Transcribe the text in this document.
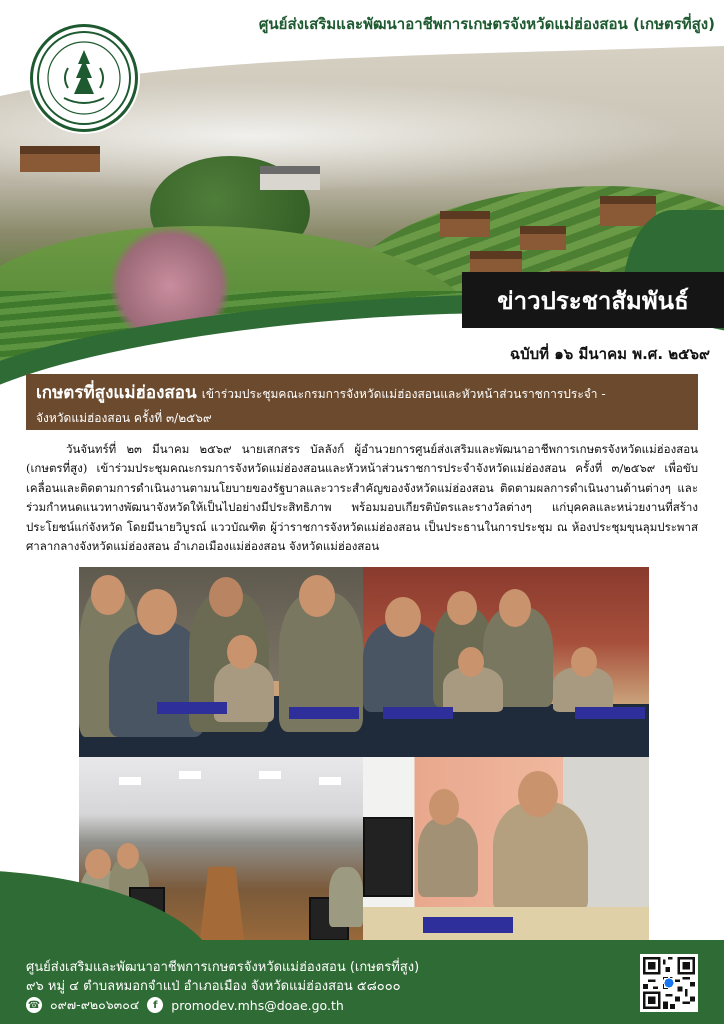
ศูนย์ส่งเสริมและพัฒนาอาชีพการเกษตรจังหวัดแม่ฮ่องสอน (เกษตรที่สูง)
ข่าวประชาสัมพันธ์
ฉบับที่ ๑๖ มีนาคม พ.ศ. ๒๕๖๙
เกษตรที่สูงแม่ฮ่องสอน เข้าร่วมประชุมคณะกรมการจังหวัดแม่ฮ่องสอนและหัวหน้าส่วนราชการประจำ -
จังหวัดแม่ฮ่องสอน ครั้งที่ ๓/๒๕๖๙

วันจันทร์ที่ ๒๓ มีนาคม ๒๕๖๙ นายเสกสรร บัลลังก์ ผู้อำนวยการศูนย์ส่งเสริมและพัฒนาอาชีพการเกษตรจังหวัดแม่ฮ่องสอน (เกษตรที่สูง) เข้าร่วมประชุมคณะกรมการจังหวัดแม่ฮ่องสอนและหัวหน้าส่วนราชการประจำจังหวัดแม่ฮ่องสอน ครั้งที่ ๓/๒๕๖๙ เพื่อขับเคลื่อนและติดตามการดำเนินงานตามนโยบายของรัฐบาลและวาระสำคัญของจังหวัดแม่ฮ่องสอน ติดตามผลการดำเนินงานด้านต่างๆ และร่วมกำหนดแนวทางพัฒนาจังหวัดให้เป็นไปอย่างมีประสิทธิภาพ พร้อมมอบเกียรติบัตรและรางวัลต่างๆ แก่บุคคลและหน่วยงานที่สร้างประโยชน์แก่จังหวัด โดยมีนายวิบูรณ์ แววบัณฑิต ผู้ว่าราชการจังหวัดแม่ฮ่องสอน เป็นประธานในการประชุม ณ ห้องประชุมขุนลุมประพาส ศาลากลางจังหวัดแม่ฮ่องสอน อำเภอเมืองแม่ฮ่องสอน จังหวัดแม่ฮ่องสอน

ศูนย์ส่งเสริมและพัฒนาอาชีพการเกษตรจังหวัดแม่ฮ่องสอน (เกษตรที่สูง)
๙๖ หมู่ ๔ ตำบลหมอกจำแป่ อำเภอเมือง จังหวัดแม่ฮ่องสอน ๕๘๐๐๐
☎ ๐๙๗-๙๒๐๖๓๐๔	f	promodev.mhs@doae.go.th
